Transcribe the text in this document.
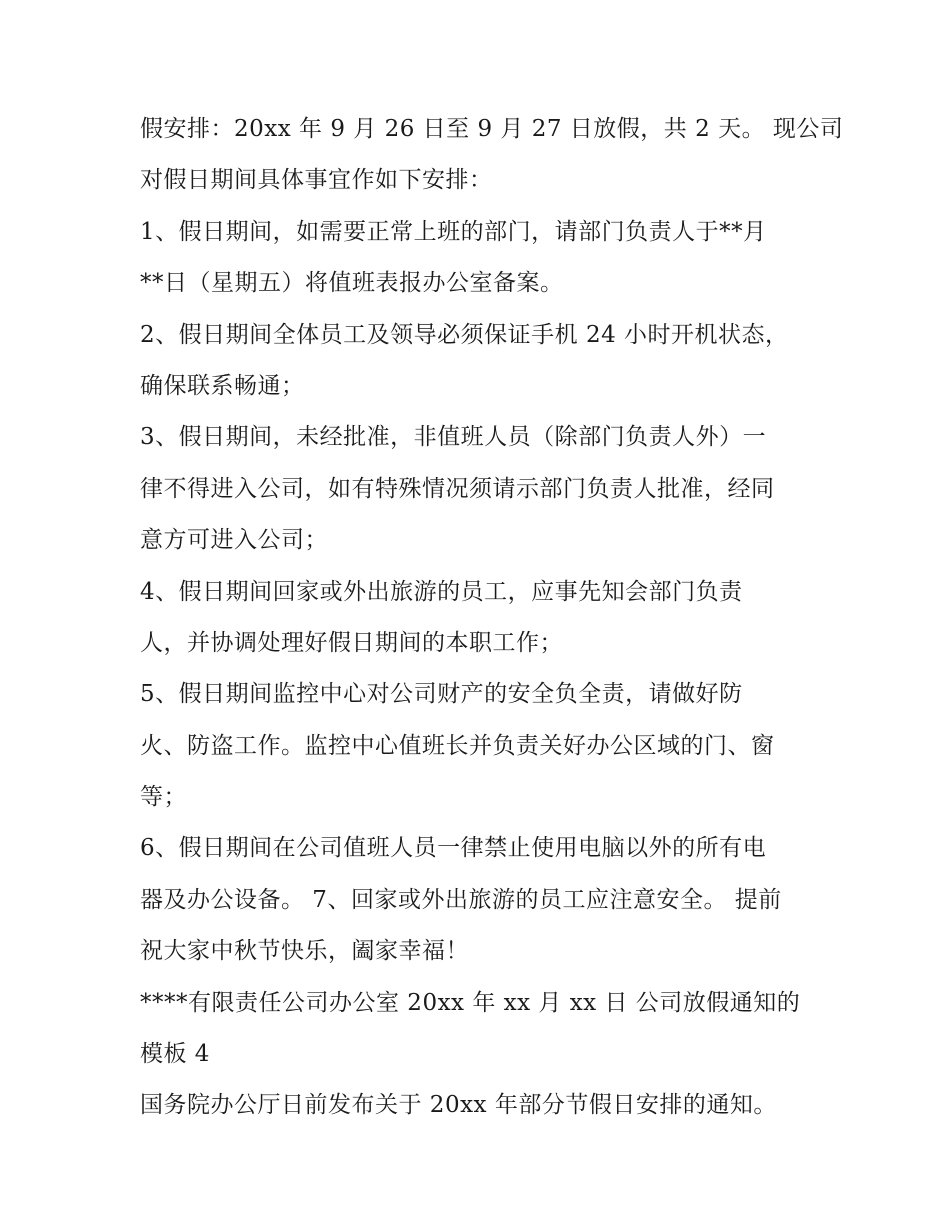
假安排：20xx 年 9 月 26 日至 9 月 27 日放假，共 2 天。 现公司
对假日期间具体事宜作如下安排：
1、假日期间，如需要正常上班的部门，请部门负责人于**月
**日（星期五）将值班表报办公室备案。
2、假日期间全体员工及领导必须保证手机 24 小时开机状态，
确保联系畅通；
3、假日期间，未经批准，非值班人员（除部门负责人外）一
律不得进入公司，如有特殊情况须请示部门负责人批准，经同
意方可进入公司；
4、假日期间回家或外出旅游的员工，应事先知会部门负责
人，并协调处理好假日期间的本职工作；
5、假日期间监控中心对公司财产的安全负全责，请做好防
火、防盗工作。监控中心值班长并负责关好办公区域的门、窗
等；
6、假日期间在公司值班人员一律禁止使用电脑以外的所有电
器及办公设备。 7、回家或外出旅游的员工应注意安全。 提前
祝大家中秋节快乐，阖家幸福！
****有限责任公司办公室 20xx 年 xx 月 xx 日 公司放假通知的
模板 4
国务院办公厅日前发布关于 20xx 年部分节假日安排的通知。
